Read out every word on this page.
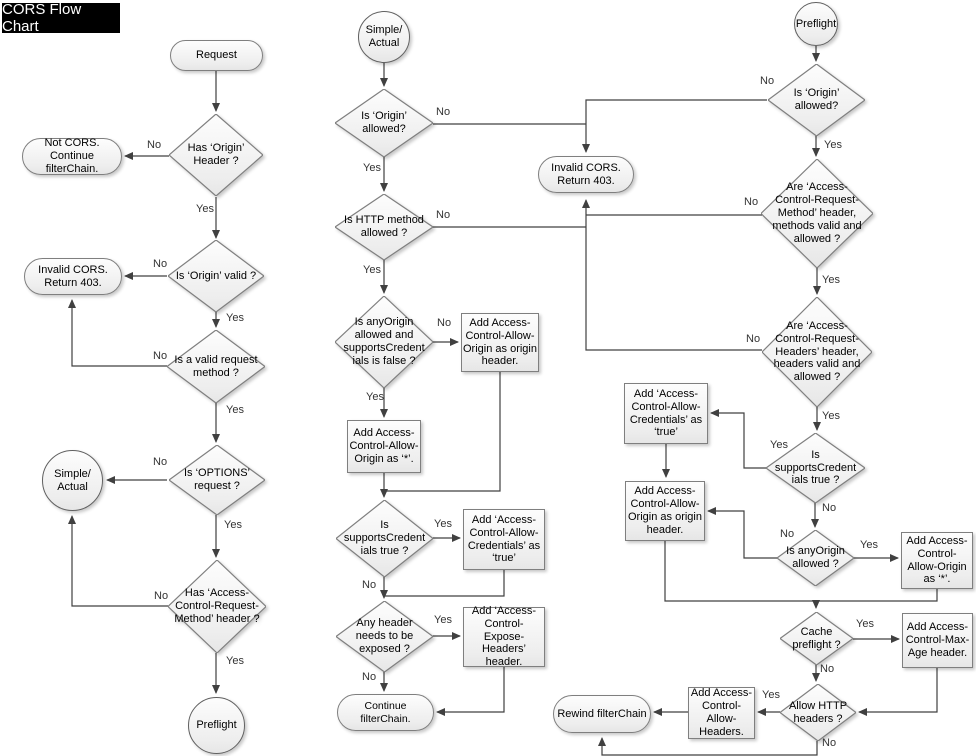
CORS Flow Chart
Request
Has ‘Origin’ Header ?
Not CORS. Continue filterChain.
Is ‘Origin’ valid ?
Invalid CORS. Return 403.
Is a valid request method ?
Is ‘OPTIONS’ request ?
Simple/ Actual
Has ‘Access-Control-Request-Method’ header ?
Preflight
Simple/ Actual
Is ‘Origin’ allowed?
Invalid CORS. Return 403.
Is HTTP method allowed ?
Is anyOrigin allowed and supportsCredent ials is false ?
Add Access-Control-Allow-Origin as origin header.
Add Access-Control-Allow-Origin as ‘*’.
Is supportsCredent ials true ?
Add ‘Access-Control-Allow-Credentials’ as ‘true’
Any header needs to be exposed ?
Add ‘Access-Control-Expose-Headers’ header.
Continue filterChain.
Preflight
Is ‘Origin’ allowed?
Are ‘Access-Control-Request-Method’ header, methods valid and allowed ?
Are ‘Access-Control-Request-Headers’ header, headers valid and allowed ?
Is supportsCredent ials true ?
Add ‘Access-Control-Allow-Credentials’ as ‘true’
Add Access-Control-Allow-Origin as origin header.
Is anyOrigin allowed ?
Add Access-Control-Allow-Origin as ‘*’.
Cache preflight ?
Add Access-Control-Max-Age header.
Allow HTTP headers ?
Add Access-Control-Allow-Headers.
Rewind filterChain
No
Yes
No
Yes
No
Yes
No
Yes
No
Yes
No
Yes
No
Yes
No
Yes
Yes
No
Yes
No
No
Yes
No
Yes
No
Yes
Yes
No
No
Yes
Yes
No
Yes
No
